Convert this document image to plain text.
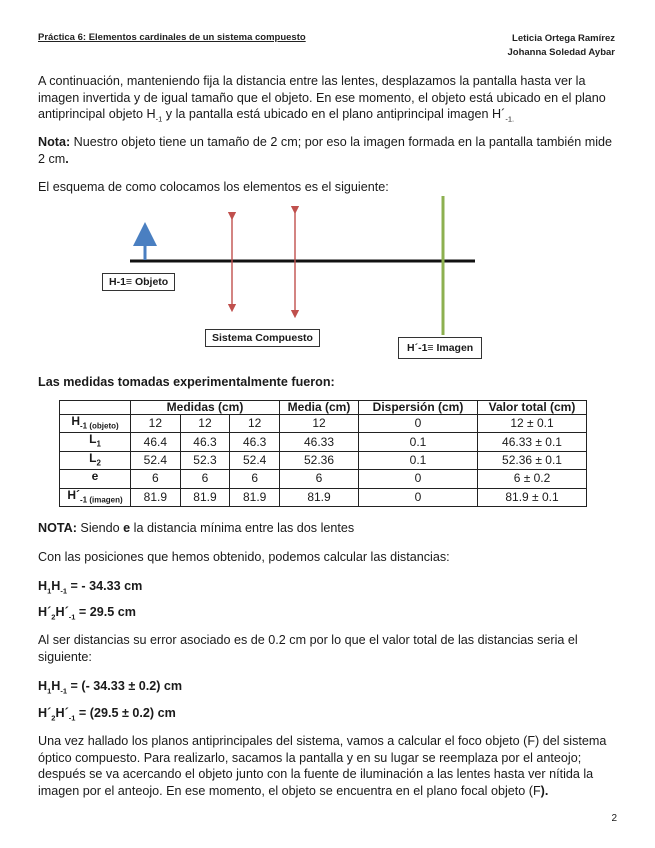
Práctica 6: Elementos cardinales de un sistema compuesto	Leticia Ortega Ramírez
Johanna Soledad Aybar
A continuación, manteniendo fija la distancia entre las lentes, desplazamos la pantalla hasta ver la imagen invertida y de igual tamaño que el objeto. En ese momento, el objeto está ubicado en el plano antiprincipal objeto $H_{-1}$ y la pantalla está ubicado en el plano antiprincipal imagen $H´_{-1.}$
Nota: Nuestro objeto tiene un tamaño de 2 cm; por eso la imagen formada en la pantalla también mide 2 cm.
El esquema de como colocamos los elementos es el siguiente:
H-1≡ Objeto
Sistema Compuesto
H´-1≡ Imagen
Las medidas tomadas experimentalmente fueron:
	Medidas (cm)			Media (cm)	Dispersión (cm)	Valor total (cm)
$H_{-1 (objeto)}$	12	12	12	12	0	12 ± 0.1
$L_1$	46.4	46.3	46.3	46.33	0.1	46.33 ± 0.1
$L_2$	52.4	52.3	52.4	52.36	0.1	52.36 ± 0.1
e	6	6	6	6	0	6 ± 0.2
$H´_{-1 (imagen)}$	81.9	81.9	81.9	81.9	0	81.9 ± 0.1
NOTA: Siendo e la distancia mínima entre las dos lentes
Con las posiciones que hemos obtenido, podemos calcular las distancias:
$H_1H_{-1}$ = - 34.33 cm
$H´_2H´_{-1} = 29.5$ cm
Al ser distancias su error asociado es de 0.2 cm por lo que el valor total de las distancias seria el siguiente:
$H_1H_{-1}$ = (- 34.33 ± 0.2) cm
$H´_2H´_{-1} = (29.5 \pm 0.2)$ cm
Una vez hallado los planos antiprincipales del sistema, vamos a calcular el foco objeto (F) del sistema óptico compuesto. Para realizarlo, sacamos la pantalla y en su lugar se reemplaza por el anteojo; después se va acercando el objeto junto con la fuente de iluminación a las lentes hasta ver nítida la imagen por el anteojo. En ese momento, el objeto se encuentra en el plano focal objeto (F).
2
